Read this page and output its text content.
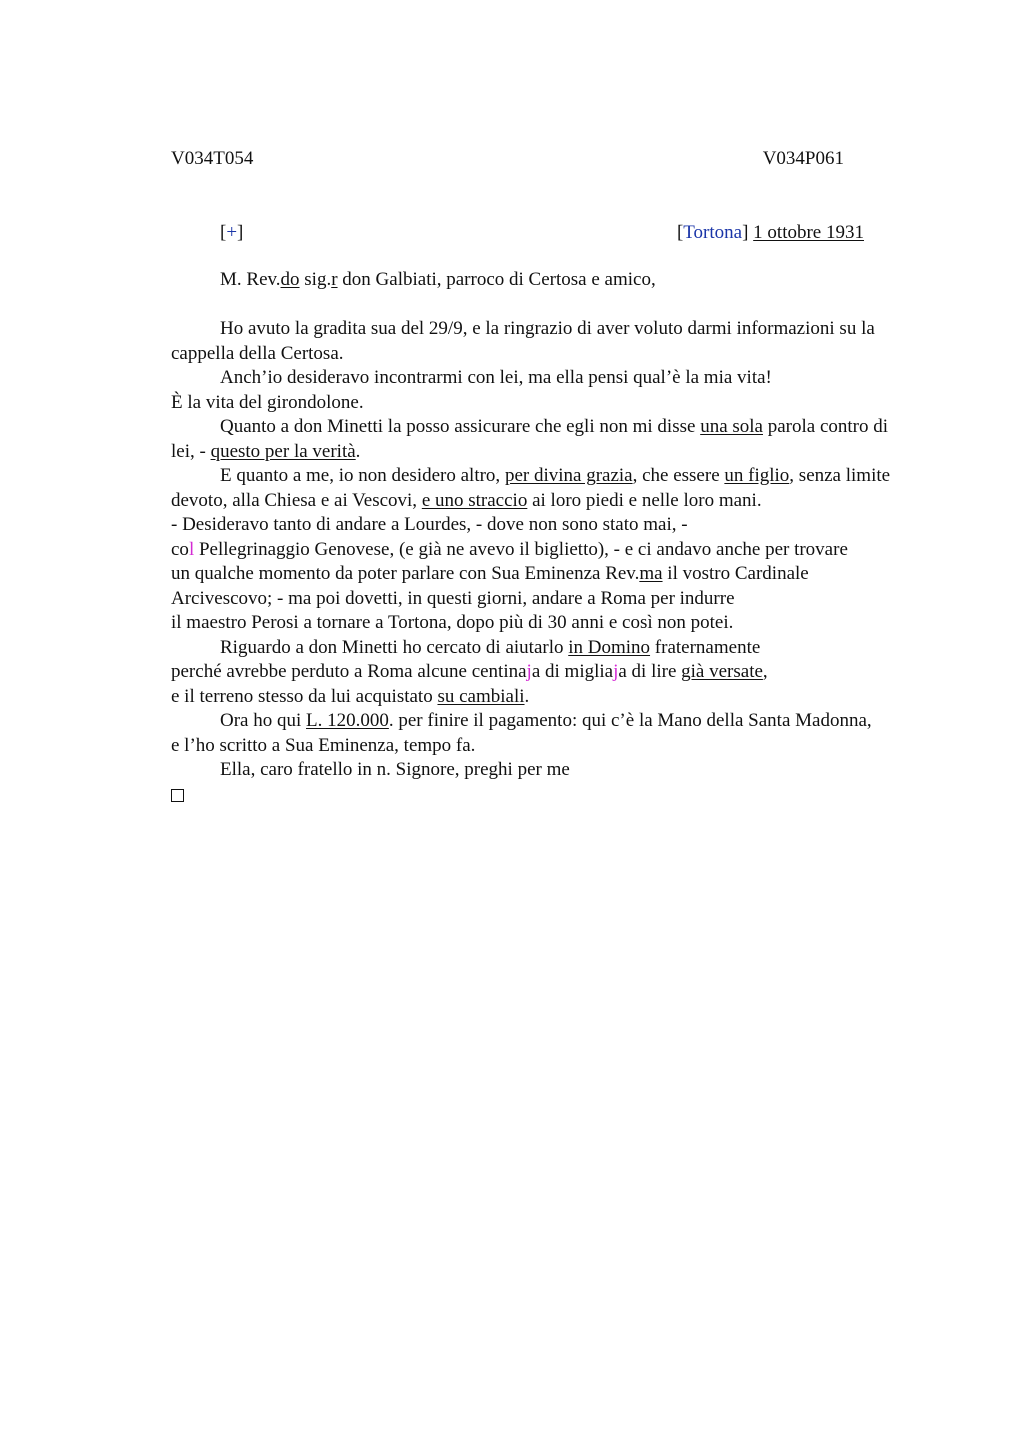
V034T054	V034P061
[+]	[Tortona] 1 ottobre 1931

M. Rev.do sig.r don Galbiati, parroco di Certosa e amico,

Ho avuto la gradita sua del 29/9, e la ringrazio di aver voluto darmi informazioni su la cappella della Certosa.

Anch’io desideravo incontrarmi con lei, ma ella pensi qual’è la mia vita!

È la vita del girondolone.

Quanto a don Minetti la posso assicurare che egli non mi disse una sola parola contro di lei, - questo per la verità.

E quanto a me, io non desidero altro, per divina grazia, che essere un figlio, senza limite devoto, alla Chiesa e ai Vescovi, e uno straccio ai loro piedi e nelle loro mani.

- Desideravo tanto di andare a Lourdes, - dove non sono stato mai, -

col Pellegrinaggio Genovese, (e già ne avevo il biglietto), - e ci andavo anche per trovare

un qualche momento da poter parlare con Sua Eminenza Rev.ma il vostro Cardinale Arcivescovo; - ma poi dovetti, in questi giorni, andare a Roma per indurre

il maestro Perosi a tornare a Tortona, dopo più di 30 anni e così non potei.

Riguardo a don Minetti ho cercato di aiutarlo in Domino fraternamente

perché avrebbe perduto a Roma alcune centinaja di migliaja di lire già versate,

e il terreno stesso da lui acquistato su cambiali.

Ora ho qui L. 120.000. per finire il pagamento: qui c’è la Mano della Santa Madonna,

e l’ho scritto a Sua Eminenza, tempo fa.

Ella, caro fratello in n. Signore, preghi per me
